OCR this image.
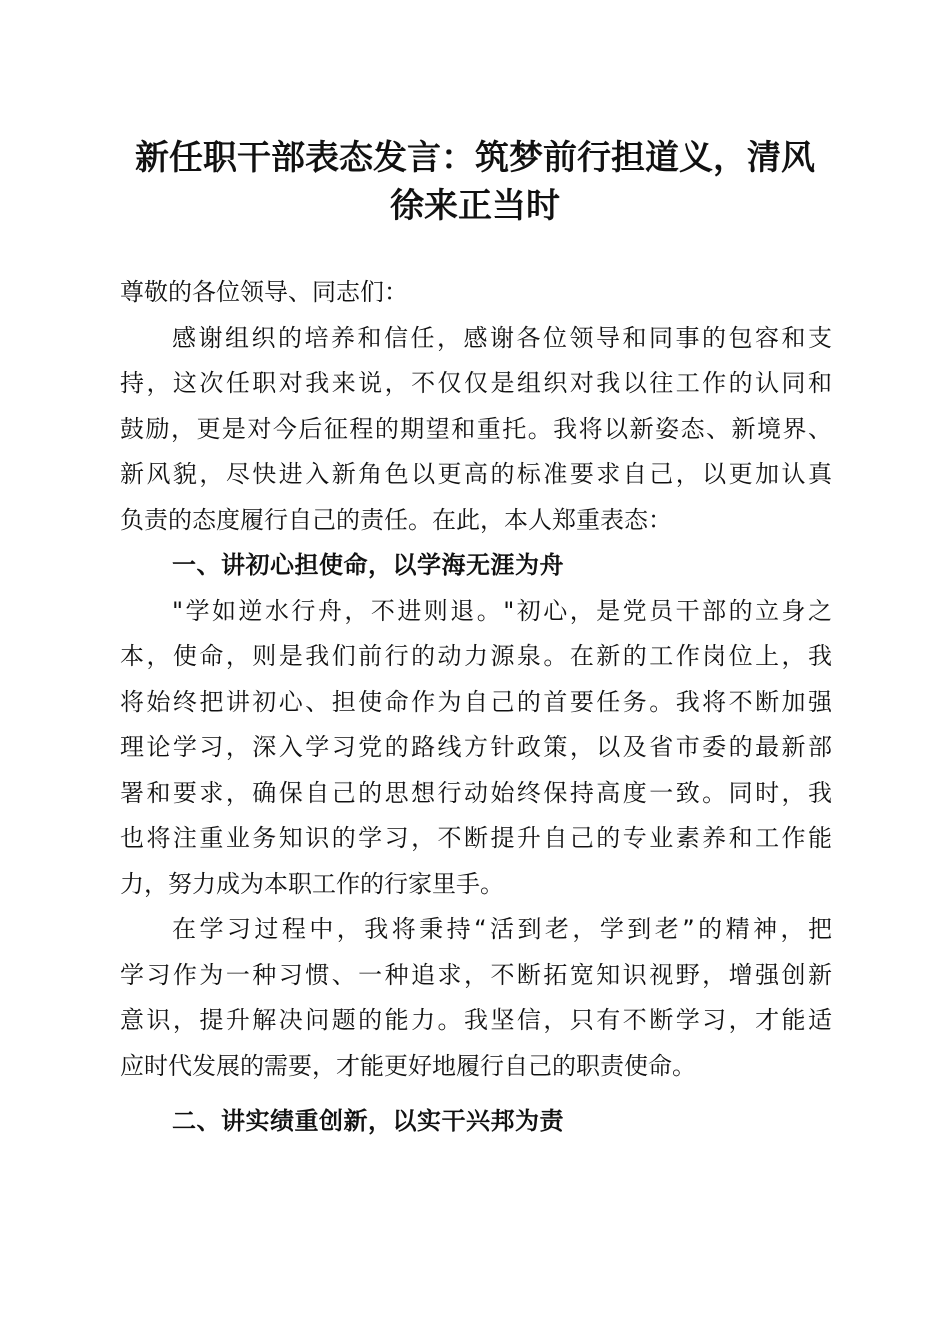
新任职干部表态发言：筑梦前行担道义，清风
徐来正当时
尊敬的各位领导、同志们：
感谢组织的培养和信任，感谢各位领导和同事的包容和支
持，这次任职对我来说，不仅仅是组织对我以往工作的认同和
鼓励，更是对今后征程的期望和重托。我将以新姿态、新境界、
新风貌，尽快进入新角色以更高的标准要求自己，以更加认真
负责的态度履行自己的责任。在此，本人郑重表态：
一、讲初心担使命，以学海无涯为舟
"学如逆水行舟，不进则退。"初心，是党员干部的立身之
本，使命，则是我们前行的动力源泉。在新的工作岗位上，我
将始终把讲初心、担使命作为自己的首要任务。我将不断加强
理论学习，深入学习党的路线方针政策，以及省市委的最新部
署和要求，确保自己的思想行动始终保持高度一致。同时，我
也将注重业务知识的学习，不断提升自己的专业素养和工作能
力，努力成为本职工作的行家里手。
在学习过程中，我将秉持“活到老，学到老”的精神，把
学习作为一种习惯、一种追求，不断拓宽知识视野，增强创新
意识，提升解决问题的能力。我坚信，只有不断学习，才能适
应时代发展的需要，才能更好地履行自己的职责使命。
二、讲实绩重创新，以实干兴邦为责
